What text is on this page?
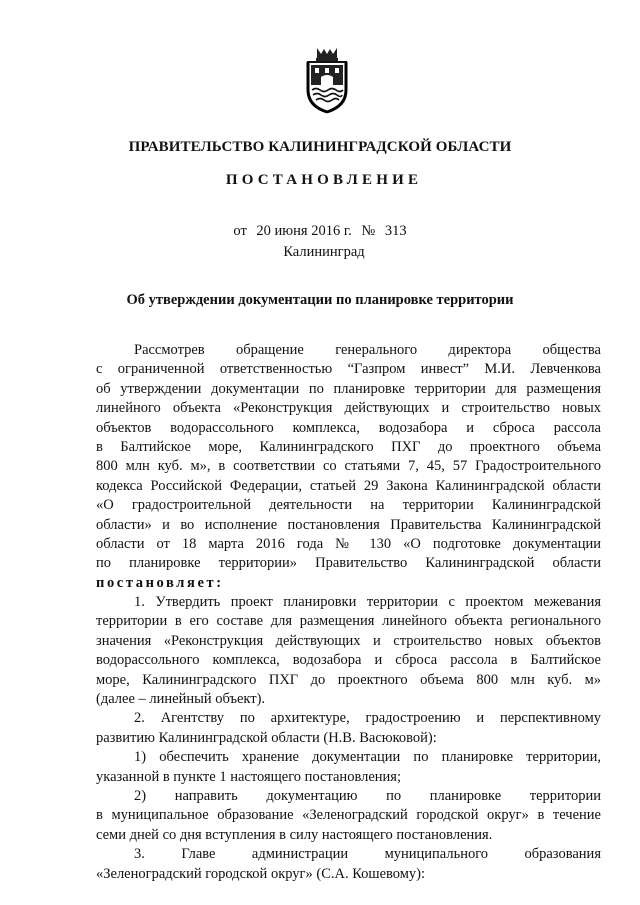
ПРАВИТЕЛЬСТВО КАЛИНИНГРАДСКОЙ ОБЛАСТИ
ПОСТАНОВЛЕНИЕ
от 20 июня 2016 г. № 313
Калининград
Об утверждении документации по планировке территории
Рассмотрев обращение генерального директора общества
с ограниченной ответственностью “Газпром инвест” М.И. Левченкова
об утверждении документации по планировке территории для размещения
линейного объекта «Реконструкция действующих и строительство новых
объектов водорассольного комплекса, водозабора и сброса рассола
в Балтийское море, Калининградского ПХГ до проектного объема
800 млн куб. м», в соответствии со статьями 7, 45, 57 Градостроительного
кодекса Российской Федерации, статьей 29 Закона Калининградской области
«О градостроительной деятельности на территории Калининградской
области» и во исполнение постановления Правительства Калининградской
области от 18 марта 2016 года № 130 «О подготовке документации
по планировке территории» Правительство Калининградской области
постановляет:
1. Утвердить проект планировки территории с проектом межевания
территории в его составе для размещения линейного объекта регионального
значения «Реконструкция действующих и строительство новых объектов
водорассольного комплекса, водозабора и сброса рассола в Балтийское
море, Калининградского ПХГ до проектного объема 800 млн куб. м»
(далее – линейный объект).
2. Агентству по архитектуре, градостроению и перспективному
развитию Калининградской области (Н.В. Васюковой):
1) обеспечить хранение документации по планировке территории,
указанной в пункте 1 настоящего постановления;
2) направить документацию по планировке территории
в муниципальное образование «Зеленоградский городской округ» в течение
семи дней со дня вступления в силу настоящего постановления.
3. Главе администрации муниципального образования
«Зеленоградский городской округ» (С.А. Кошевому):
